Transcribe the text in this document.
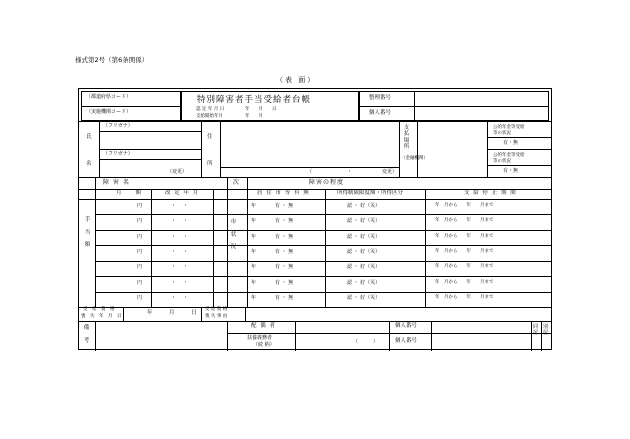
様式第2号（第6条関係）
（表 面）
（都道府県コード）
（実施機関コード）
特別障害者手当受給者台帳
認 定 年 月 日	年　　月　　日
支給開始年月	年　　月
整理番号
個人番号
（フリガナ）
（フリガナ）
氏
名
住
所
（変更）	（　　　　　　　・　　　　　　変更）
支
払
場
所
（金融機関）
公的年金等受給
等の状況
有・無
公的年金等受給
等の状況
有・無
障 害 名	次	障害の程度
月　　額	改 定 年 月	居 住 市 等 有 無	所得制限限度額・所得区分	支 給 停 止 期 間
手

当

額
市

状

況
円	・　・	年	有 ・ 無	認 ・ 好（災）	年　月から　　年　　月まで
円	・　・	年	有 ・ 無	認 ・ 好（災）	年　月から　　年　　月まで
円	・　・	年	有 ・ 無	認 ・ 好（災）	年　月から　　年　　月まで
円	・　・	年	有 ・ 無	認 ・ 好（災）	年　月から　　年　　月まで
円	・　・	年	有 ・ 無	認 ・ 好（災）	年　月から　　年　　月まで
円	・　・	年	有 ・ 無	認 ・ 好（災）	年　月から　　年　　月まで
円	・　・	年	有 ・ 無	認 ・ 好（災）	年　月から　　年　　月まで
受　給　資　格
喪　失　年　月　日
年　　　月　　　日
受 給 資 格
喪 失 事 由
備

考
配 偶 者
扶養義務者
（続 柄）	（　　　）
個人番号
個人番号
同
居
別
居
